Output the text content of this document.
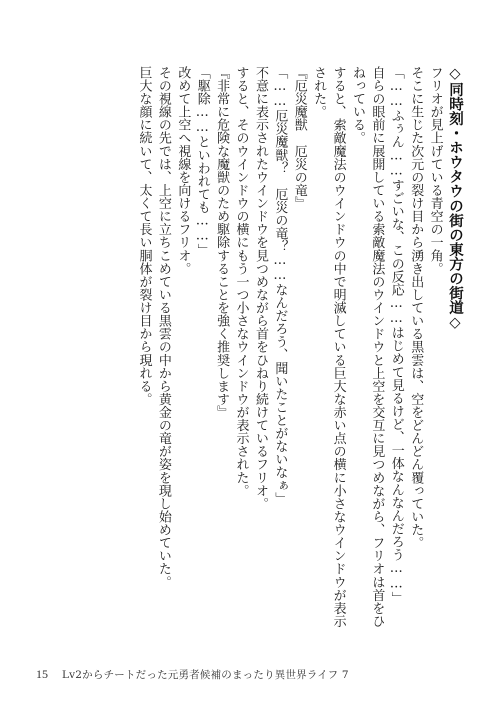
◇同時刻・ホウタウの街の東方の街道◇
フリオが見上げている青空の一角。
そこに生じた次元の裂け目から湧き出している黒雲は、空をどんどん覆っていた。
「……ふぅん……すごいな、この反応……はじめて見るけど、一体なんなんだろう……」
自らの眼前に展開している索敵魔法のウインドウと上空を交互に見つめながら、フリオは首をひ
ねっている。
すると、索敵魔法のウインドウの中で明滅している巨大な赤い点の横に小さなウインドウが表示
された。
『厄災魔獣　厄災の竜』
「……厄災魔獣？　厄災の竜？……なんだろう、聞いたことがないなぁ」
不意に表示されたウインドウを見つめながら首をひねり続けているフリオ。
すると、そのウインドウの横にもう一つ小さなウインドウが表示された。
『非常に危険な魔獣のため駆除することを強く推奨します』
「駆除……といわれても……」
改めて上空へ視線を向けるフリオ。
その視線の先では、上空に立ちこめている黒雲の中から黄金の竜が姿を現し始めていた。
巨大な顔に続いて、太くて長い胴体が裂け目から現れる。
15 Lv2からチートだった元勇者候補のまったり異世界ライフ 7
